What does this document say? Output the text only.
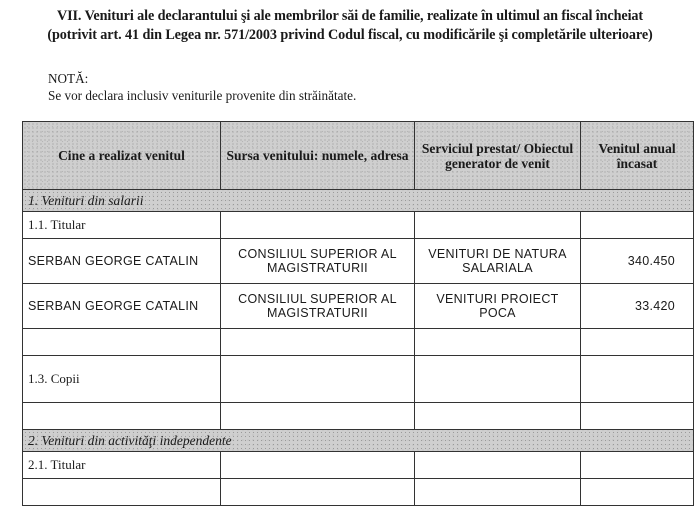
VII. Venituri ale declarantului şi ale membrilor săi de familie, realizate în ultimul an fiscal încheiat
(potrivit art. 41 din Legea nr. 571/2003 privind Codul fiscal, cu modificările şi completările ulterioare)
NOTĂ:
Se vor declara inclusiv veniturile provenite din străinătate.
Cine a realizat venitul	Sursa venitului: numele, adresa	Serviciul prestat/ Obiectul generator de venit	Venitul anual încasat
1. Venituri din salarii			
1.1. Titular			
SERBAN GEORGE CATALIN	CONSILIUL SUPERIOR AL MAGISTRATURII	VENITURI DE NATURA SALARIALA	340.450
SERBAN GEORGE CATALIN	CONSILIUL SUPERIOR AL MAGISTRATURII	VENITURI PROIECT POCA	33.420

1.3. Copii			

2. Venituri din activităţi independente			
2.1. Titular			
